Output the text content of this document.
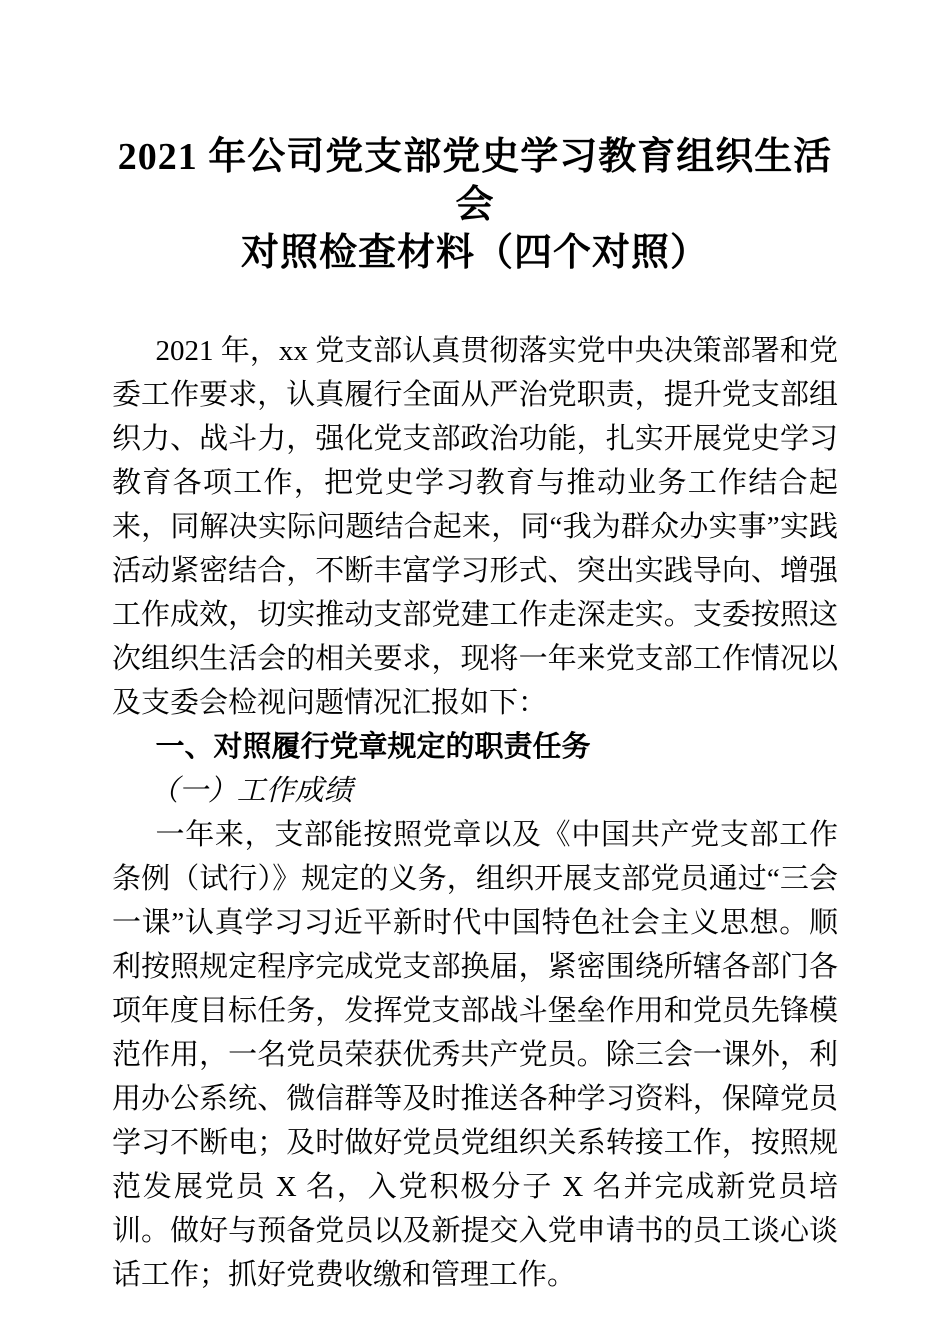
2021 年公司党支部党史学习教育组织生活会
对照检查材料（四个对照）

2021 年，xx 党支部认真贯彻落实党中央决策部署和党委工作要求，认真履行全面从严治党职责，提升党支部组织力、战斗力，强化党支部政治功能，扎实开展党史学习教育各项工作，把党史学习教育与推动业务工作结合起来，同解决实际问题结合起来，同“我为群众办实事”实践活动紧密结合，不断丰富学习形式、突出实践导向、增强工作成效，切实推动支部党建工作走深走实。支委按照这次组织生活会的相关要求，现将一年来党支部工作情况以及支委会检视问题情况汇报如下：

一、对照履行党章规定的职责任务
（一）工作成绩

一年来，支部能按照党章以及《中国共产党支部工作条例（试行）》规定的义务，组织开展支部党员通过“三会一课”认真学习习近平新时代中国特色社会主义思想。顺利按照规定程序完成党支部换届，紧密围绕所辖各部门各项年度目标任务，发挥党支部战斗堡垒作用和党员先锋模范作用，一名党员荣获优秀共产党员。除三会一课外，利用办公系统、微信群等及时推送各种学习资料，保障党员学习不断电；及时做好党员党组织关系转接工作，按照规范发展党员 X 名，入党积极分子 X 名并完成新党员培训。做好与预备党员以及新提交入党申请书的员工谈心谈话工作；抓好党费收缴和管理工作。
